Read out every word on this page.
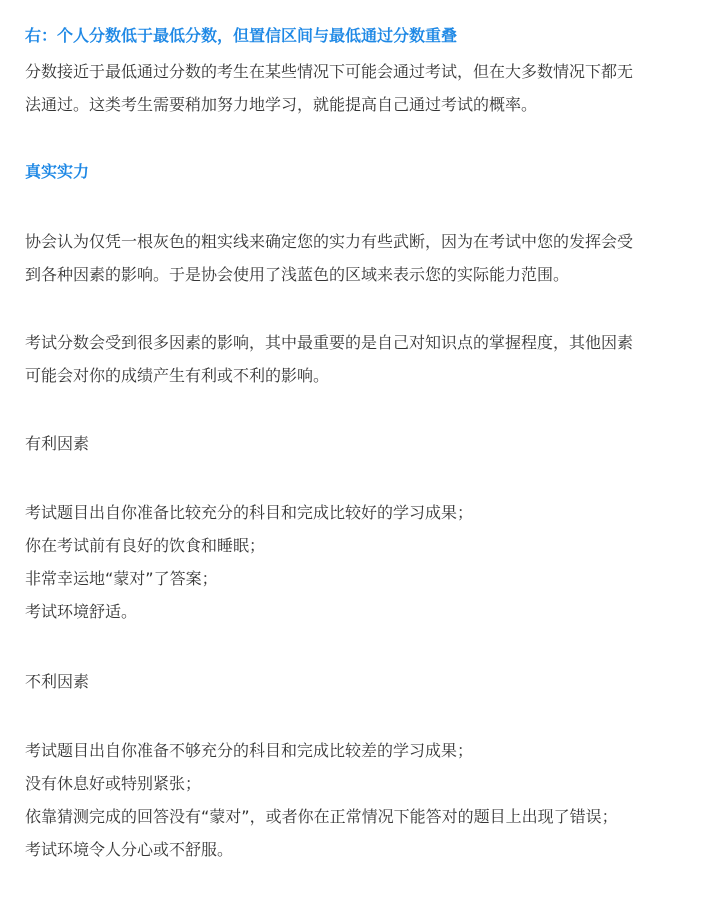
右：个人分数低于最低分数，但置信区间与最低通过分数重叠
分数接近于最低通过分数的考生在某些情况下可能会通过考试，但在大多数情况下都无
法通过。这类考生需要稍加努力地学习，就能提高自己通过考试的概率。
真实实力
协会认为仅凭一根灰色的粗实线来确定您的实力有些武断，因为在考试中您的发挥会受
到各种因素的影响。于是协会使用了浅蓝色的区域来表示您的实际能力范围。
考试分数会受到很多因素的影响，其中最重要的是自己对知识点的掌握程度，其他因素
可能会对你的成绩产生有利或不利的影响。
有利因素
考试题目出自你准备比较充分的科目和完成比较好的学习成果；
你在考试前有良好的饮食和睡眠；
非常幸运地“蒙对”了答案；
考试环境舒适。
不利因素
考试题目出自你准备不够充分的科目和完成比较差的学习成果；
没有休息好或特别紧张；
依靠猜测完成的回答没有“蒙对”，或者你在正常情况下能答对的题目上出现了错误；
考试环境令人分心或不舒服。
